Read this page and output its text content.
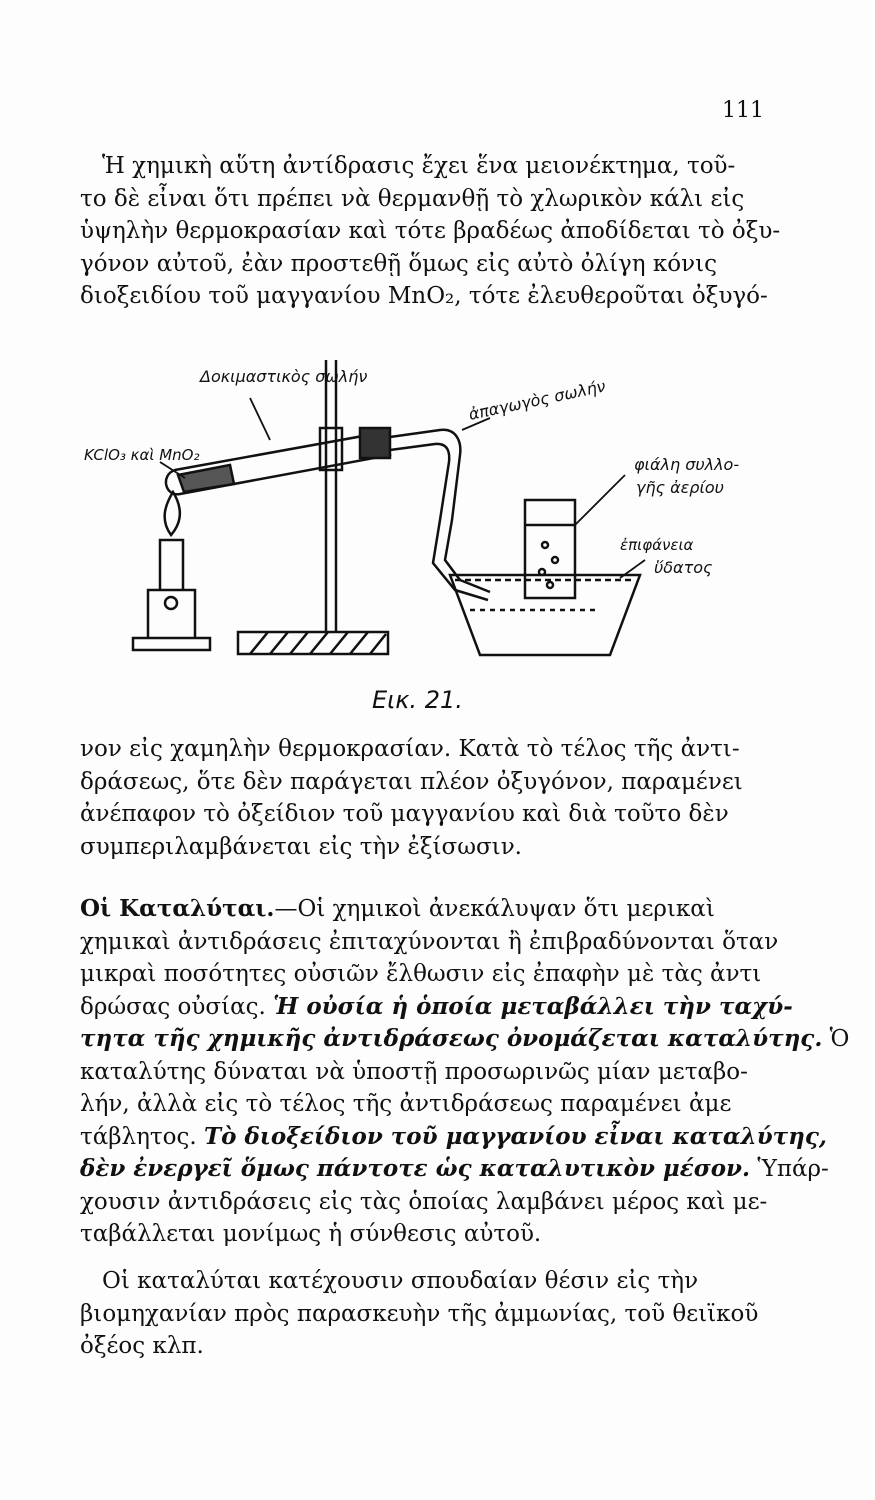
111
Ἡ χημικὴ αὕτη ἀντίδρασις ἔχει ἕνα μειονέκτημα, τοῦ-
το δὲ εἶναι ὅτι πρέπει νὰ θερμανθῇ τὸ χλωρικὸν κάλι εἰς
ὑψηλὴν θερμοκρασίαν καὶ τότε βραδέως ἀποδίδεται τὸ ὀξυ-
γόνον αὐτοῦ, ἐὰν προστεθῇ ὅμως εἰς αὐτὸ ὀλίγη κόνις
διοξειδίου τοῦ μαγγανίου MnO₂, τότε ἐλευθεροῦται ὀξυγό-
Δοκιμαστικὸς σωλήν
KClO₃ καὶ MnO₂
ἀπαγωγὸς σωλήν
φιάλη συλλο-
γῆς ἀερίου
ἐπιφάνεια
ὕδατος
Εικ. 21.
νον εἰς χαμηλὴν θερμοκρασίαν. Κατὰ τὸ τέλος τῆς ἀντι-
δράσεως, ὅτε δὲν παράγεται πλέον ὀξυγόνον, παραμένει
ἀνέπαφον τὸ ὀξείδιον τοῦ μαγγανίου καὶ διὰ τοῦτο δὲν
συμπεριλαμβάνεται εἰς τὴν ἐξίσωσιν.
Οἱ Καταλύται.—Οἱ χημικοὶ ἀνεκάλυψαν ὅτι μερικαὶ
χημικαὶ ἀντιδράσεις ἐπιταχύνονται ἢ ἐπιβραδύνονται ὅταν
μικραὶ ποσότητες οὐσιῶν ἔλθωσιν εἰς ἐπαφὴν μὲ τὰς ἀντι
δρώσας οὐσίας. Ἡ οὐσία ἡ ὁποία μεταβάλλει τὴν ταχύ-
τητα τῆς χημικῆς ἀντιδράσεως ὀνομάζεται καταλύτης. Ὁ
καταλύτης δύναται νὰ ὑποστῇ προσωρινῶς μίαν μεταβο-
λήν, ἀλλὰ εἰς τὸ τέλος τῆς ἀντιδράσεως παραμένει ἀμε
τάβλητος. Τὸ διοξείδιον τοῦ μαγγανίου εἶναι καταλύτης,
δὲν ἐνεργεῖ ὅμως πάντοτε ὡς καταλυτικὸν μέσον. Ὑπάρ-
χουσιν ἀντιδράσεις εἰς τὰς ὁποίας λαμβάνει μέρος καὶ με-
ταβάλλεται μονίμως ἡ σύνθεσις αὐτοῦ.
Οἱ καταλύται κατέχουσιν σπουδαίαν θέσιν εἰς τὴν
βιομηχανίαν πρὸς παρασκευὴν τῆς ἀμμωνίας, τοῦ θειϊκοῦ
ὀξέος κλπ.
